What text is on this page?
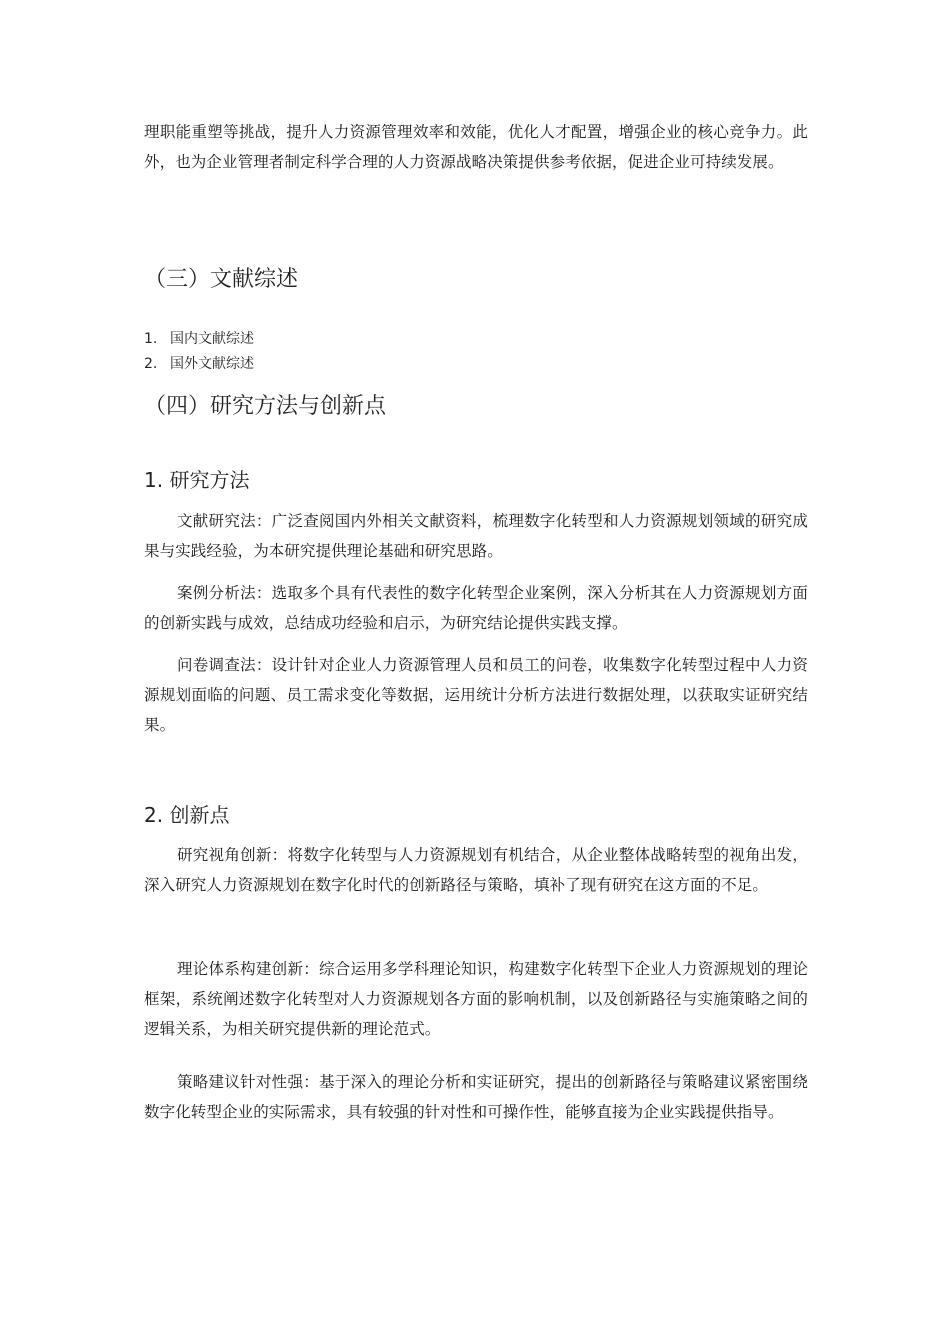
理职能重塑等挑战，提升人力资源管理效率和效能，优化人才配置，增强企业的核心竞争力。此外，也为企业管理者制定科学合理的人力资源战略决策提供参考依据，促进企业可持续发展。

（三）文献综述
1. 国内文献综述
2. 国外文献综述
（四）研究方法与创新点
1. 研究方法

文献研究法：广泛查阅国内外相关文献资料，梳理数字化转型和人力资源规划领域的研究成果与实践经验，为本研究提供理论基础和研究思路。

案例分析法：选取多个具有代表性的数字化转型企业案例，深入分析其在人力资源规划方面的创新实践与成效，总结成功经验和启示，为研究结论提供实践支撑。

问卷调查法：设计针对企业人力资源管理人员和员工的问卷，收集数字化转型过程中人力资源规划面临的问题、员工需求变化等数据，运用统计分析方法进行数据处理，以获取实证研究结果。

2. 创新点

研究视角创新：将数字化转型与人力资源规划有机结合，从企业整体战略转型的视角出发，深入研究人力资源规划在数字化时代的创新路径与策略，填补了现有研究在这方面的不足。

理论体系构建创新：综合运用多学科理论知识，构建数字化转型下企业人力资源规划的理论框架，系统阐述数字化转型对人力资源规划各方面的影响机制，以及创新路径与实施策略之间的逻辑关系，为相关研究提供新的理论范式。

策略建议针对性强：基于深入的理论分析和实证研究，提出的创新路径与策略建议紧密围绕数字化转型企业的实际需求，具有较强的针对性和可操作性，能够直接为企业实践提供指导。
